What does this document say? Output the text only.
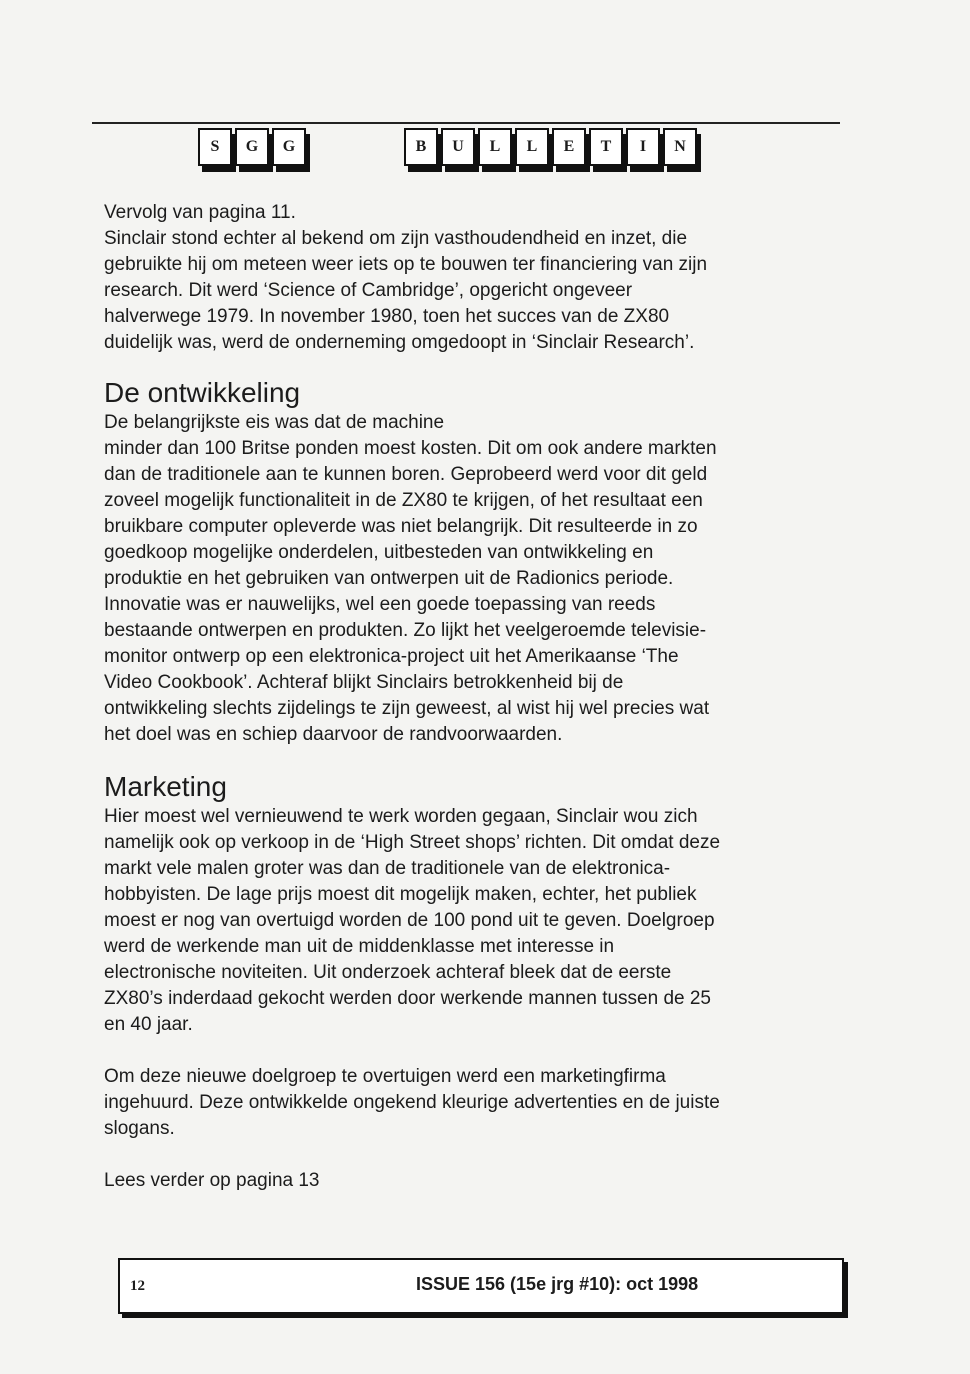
S	G	G	B	U	L	L	E	T	I	N

Vervolg van pagina 11.

Sinclair stond echter al bekend om zijn vasthoudendheid en inzet, die

gebruikte hij om meteen weer iets op te bouwen ter financiering van zijn

research. Dit werd ‘Science of Cambridge’, opgericht ongeveer

halverwege 1979. In november 1980, toen het succes van de ZX80

duidelijk was, werd de onderneming omgedoopt in ‘Sinclair Research’.

De ontwikkeling

De belangrijkste eis was dat de machine

minder dan 100 Britse ponden moest kosten. Dit om ook andere markten

dan de traditionele aan te kunnen boren. Geprobeerd werd voor dit geld

zoveel mogelijk functionaliteit in de ZX80 te krijgen, of het resultaat een

bruikbare computer opleverde was niet belangrijk. Dit resulteerde in zo

goedkoop mogelijke onderdelen, uitbesteden van ontwikkeling en

produktie en het gebruiken van ontwerpen uit de Radionics periode.

Innovatie was er nauwelijks, wel een goede toepassing van reeds

bestaande ontwerpen en produkten. Zo lijkt het veelgeroemde televisie-

monitor ontwerp op een elektronica-project uit het Amerikaanse ‘The

Video Cookbook’. Achteraf blijkt Sinclairs betrokkenheid bij de

ontwikkeling slechts zijdelings te zijn geweest, al wist hij wel precies wat

het doel was en schiep daarvoor de randvoorwaarden.

Marketing

Hier moest wel vernieuwend te werk worden gegaan, Sinclair wou zich

namelijk ook op verkoop in de ‘High Street shops’ richten. Dit omdat deze

markt vele malen groter was dan de traditionele van de elektronica-

hobbyisten. De lage prijs moest dit mogelijk maken, echter, het publiek

moest er nog van overtuigd worden de 100 pond uit te geven. Doelgroep

werd de werkende man uit de middenklasse met interesse in

electronische noviteiten. Uit onderzoek achteraf bleek dat de eerste

ZX80’s inderdaad gekocht werden door werkende mannen tussen de 25

en 40 jaar.

Om deze nieuwe doelgroep te overtuigen werd een marketingfirma

ingehuurd. Deze ontwikkelde ongekend kleurige advertenties en de juiste

slogans.

Lees verder op pagina 13

12	ISSUE 156 (15e jrg #10): oct 1998
